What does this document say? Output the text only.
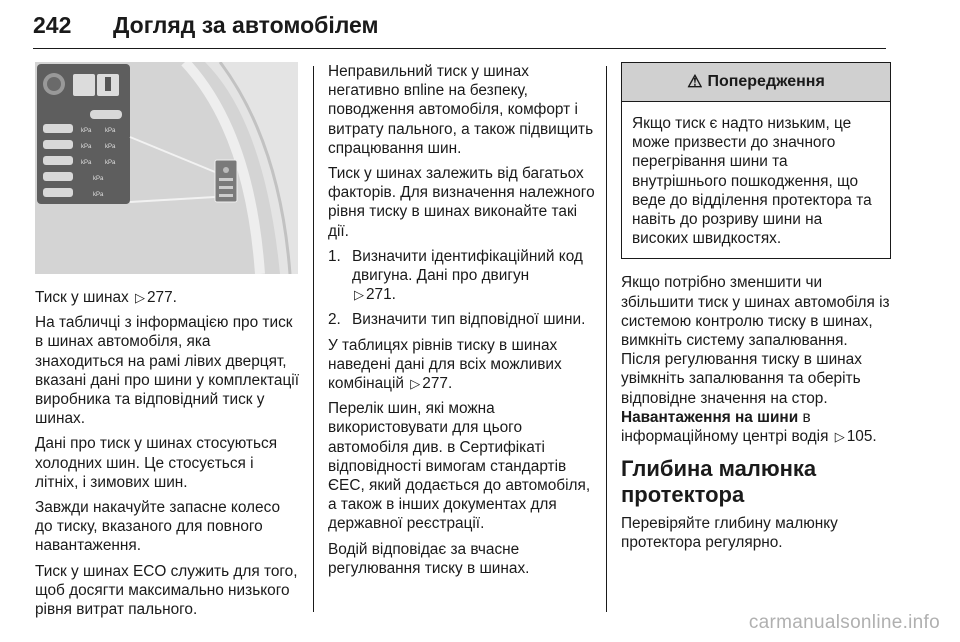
242 Догляд за автомобілем
kPa kPa
kPa kPa
kPa kPa
kPa
kPa

Тиск у шинах ▷ 277.

На табличці з інформацією про тиск в шинах автомобіля, яка знаходиться на рамі лівих дверцят, вказані дані про шини у комплектації виробника та відповідний тиск у шинах.

Дані про тиск у шинах стосуються холодних шин. Це стосується і літніх, і зимових шин.

Завжди накачуйте запасне колесо до тиску, вказаного для повного навантаження.

Тиск у шинах ECO служить для того, щоб досягти максимально низького рівня витрат пального.

Неправильний тиск у шинах негативно впline на безпеку, поводження автомобіля, комфорт і витрату пального, а також підвищить спрацювання шин.

Тиск у шинах залежить від багатьох факторів. Для визначення належного рівня тиску в шинах виконайте такі дії.

1. Визначити ідентифікаційний код двигуна. Дані про двигун
▷ 271.
2. Визначити тип відповідної шини.

У таблицях рівнів тиску в шинах наведені дані для всіх можливих комбінацій ▷ 277.

Перелік шин, які можна використовувати для цього автомобіля див. в Сертифікаті відповідності вимогам стандартів ЄЕС, який додається до автомобіля, а також в інших документах для державної реєстрації.

Водій відповідає за вчасне регулювання тиску в шинах.

⚠ Попередження
Якщо тиск є надто низьким, це може призвести до значного перегрівання шини та внутрішнього пошкодження, що веде до відділення протектора та навіть до розриву шини на високих швидкостях.

Якщо потрібно зменшити чи збільшити тиск у шинах автомобіля із системою контролю тиску в шинах, вимкніть систему запалювання. Після регулювання тиску в шинах увімкніть запалювання та оберіть відповідне значення на стор. Навантаження на шини в інформаційному центрі водія ▷ 105.

Глибина малюнка протектора

Перевіряйте глибину малюнку протектора регулярно.

carmanualsonline.info
